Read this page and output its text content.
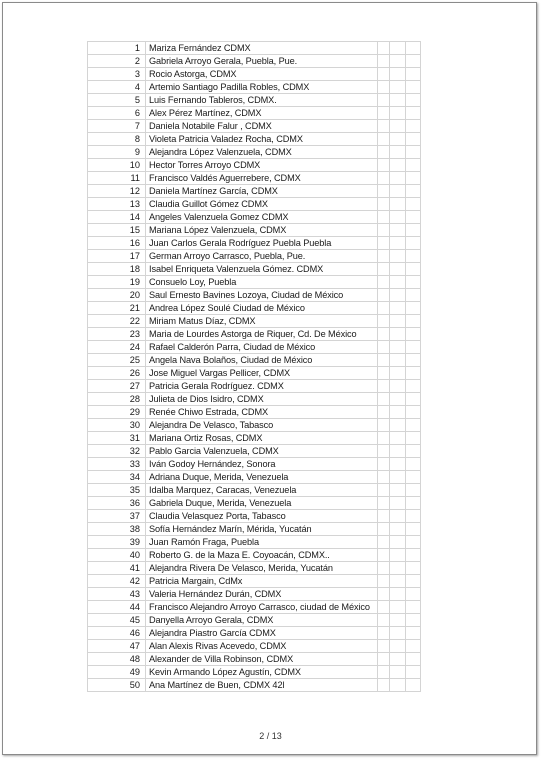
1	Mariza Fernández CDMX			
2	Gabriela Arroyo Gerala, Puebla, Pue.			
3	Rocio Astorga, CDMX			
4	Artemio Santiago Padilla Robles, CDMX			
5	Luis Fernando Tableros, CDMX.			
6	Alex Pérez Martínez, CDMX			
7	Daniela Notabile Falur , CDMX			
8	Violeta Patricia Valadez Rocha, CDMX			
9	Alejandra López Valenzuela, CDMX			
10	Hector Torres Arroyo CDMX			
11	Francisco Valdés Aguerrebere, CDMX			
12	Daniela Martínez García, CDMX			
13	Claudia Guillot Gómez CDMX			
14	Angeles Valenzuela Gomez CDMX			
15	Mariana López Valenzuela, CDMX			
16	Juan Carlos Gerala Rodríguez Puebla Puebla			
17	German Arroyo Carrasco, Puebla, Pue.			
18	Isabel Enriqueta Valenzuela Gómez. CDMX			
19	Consuelo Loy, Puebla			
20	Saul Ernesto Bavines Lozoya, Ciudad de México			
21	Andrea López Soulé Ciudad de México			
22	Miriam Matus Díaz, CDMX			
23	Maria de Lourdes Astorga de Riquer, Cd. De México			
24	Rafael Calderón Parra, Ciudad de México			
25	Angela Nava Bolaños, Ciudad de México			
26	Jose Miguel Vargas Pellicer, CDMX			
27	Patricia Gerala Rodríguez. CDMX			
28	Julieta de Dios Isidro, CDMX			
29	Renée Chiwo Estrada, CDMX			
30	Alejandra De Velasco, Tabasco			
31	Mariana Ortiz Rosas, CDMX			
32	Pablo Garcia Valenzuela, CDMX			
33	Iván Godoy Hernández, Sonora			
34	Adriana Duque, Merida, Venezuela			
35	Idalba Marquez, Caracas, Venezuela			
36	Gabriela Duque, Merida, Venezuela			
37	Claudia Velasquez Porta, Tabasco			
38	Sofía Hernández Marín, Mérida, Yucatán			
39	Juan Ramón Fraga, Puebla			
40	Roberto G. de la Maza E. Coyoacán, CDMX..			
41	Alejandra Rivera De Velasco, Merida, Yucatán			
42	Patricia Margain, CdMx			
43	Valeria Hernández Durán, CDMX			
44	Francisco Alejandro Arroyo Carrasco, ciudad de México			
45	Danyella Arroyo Gerala, CDMX			
46	Alejandra Piastro García CDMX			
47	Alan Alexis Rivas Acevedo, CDMX			
48	Alexander de Villa Robinson, CDMX			
49	Kevin Armando López Agustín, CDMX			
50	Ana Martínez de Buen, CDMX 42l			
2 / 13
